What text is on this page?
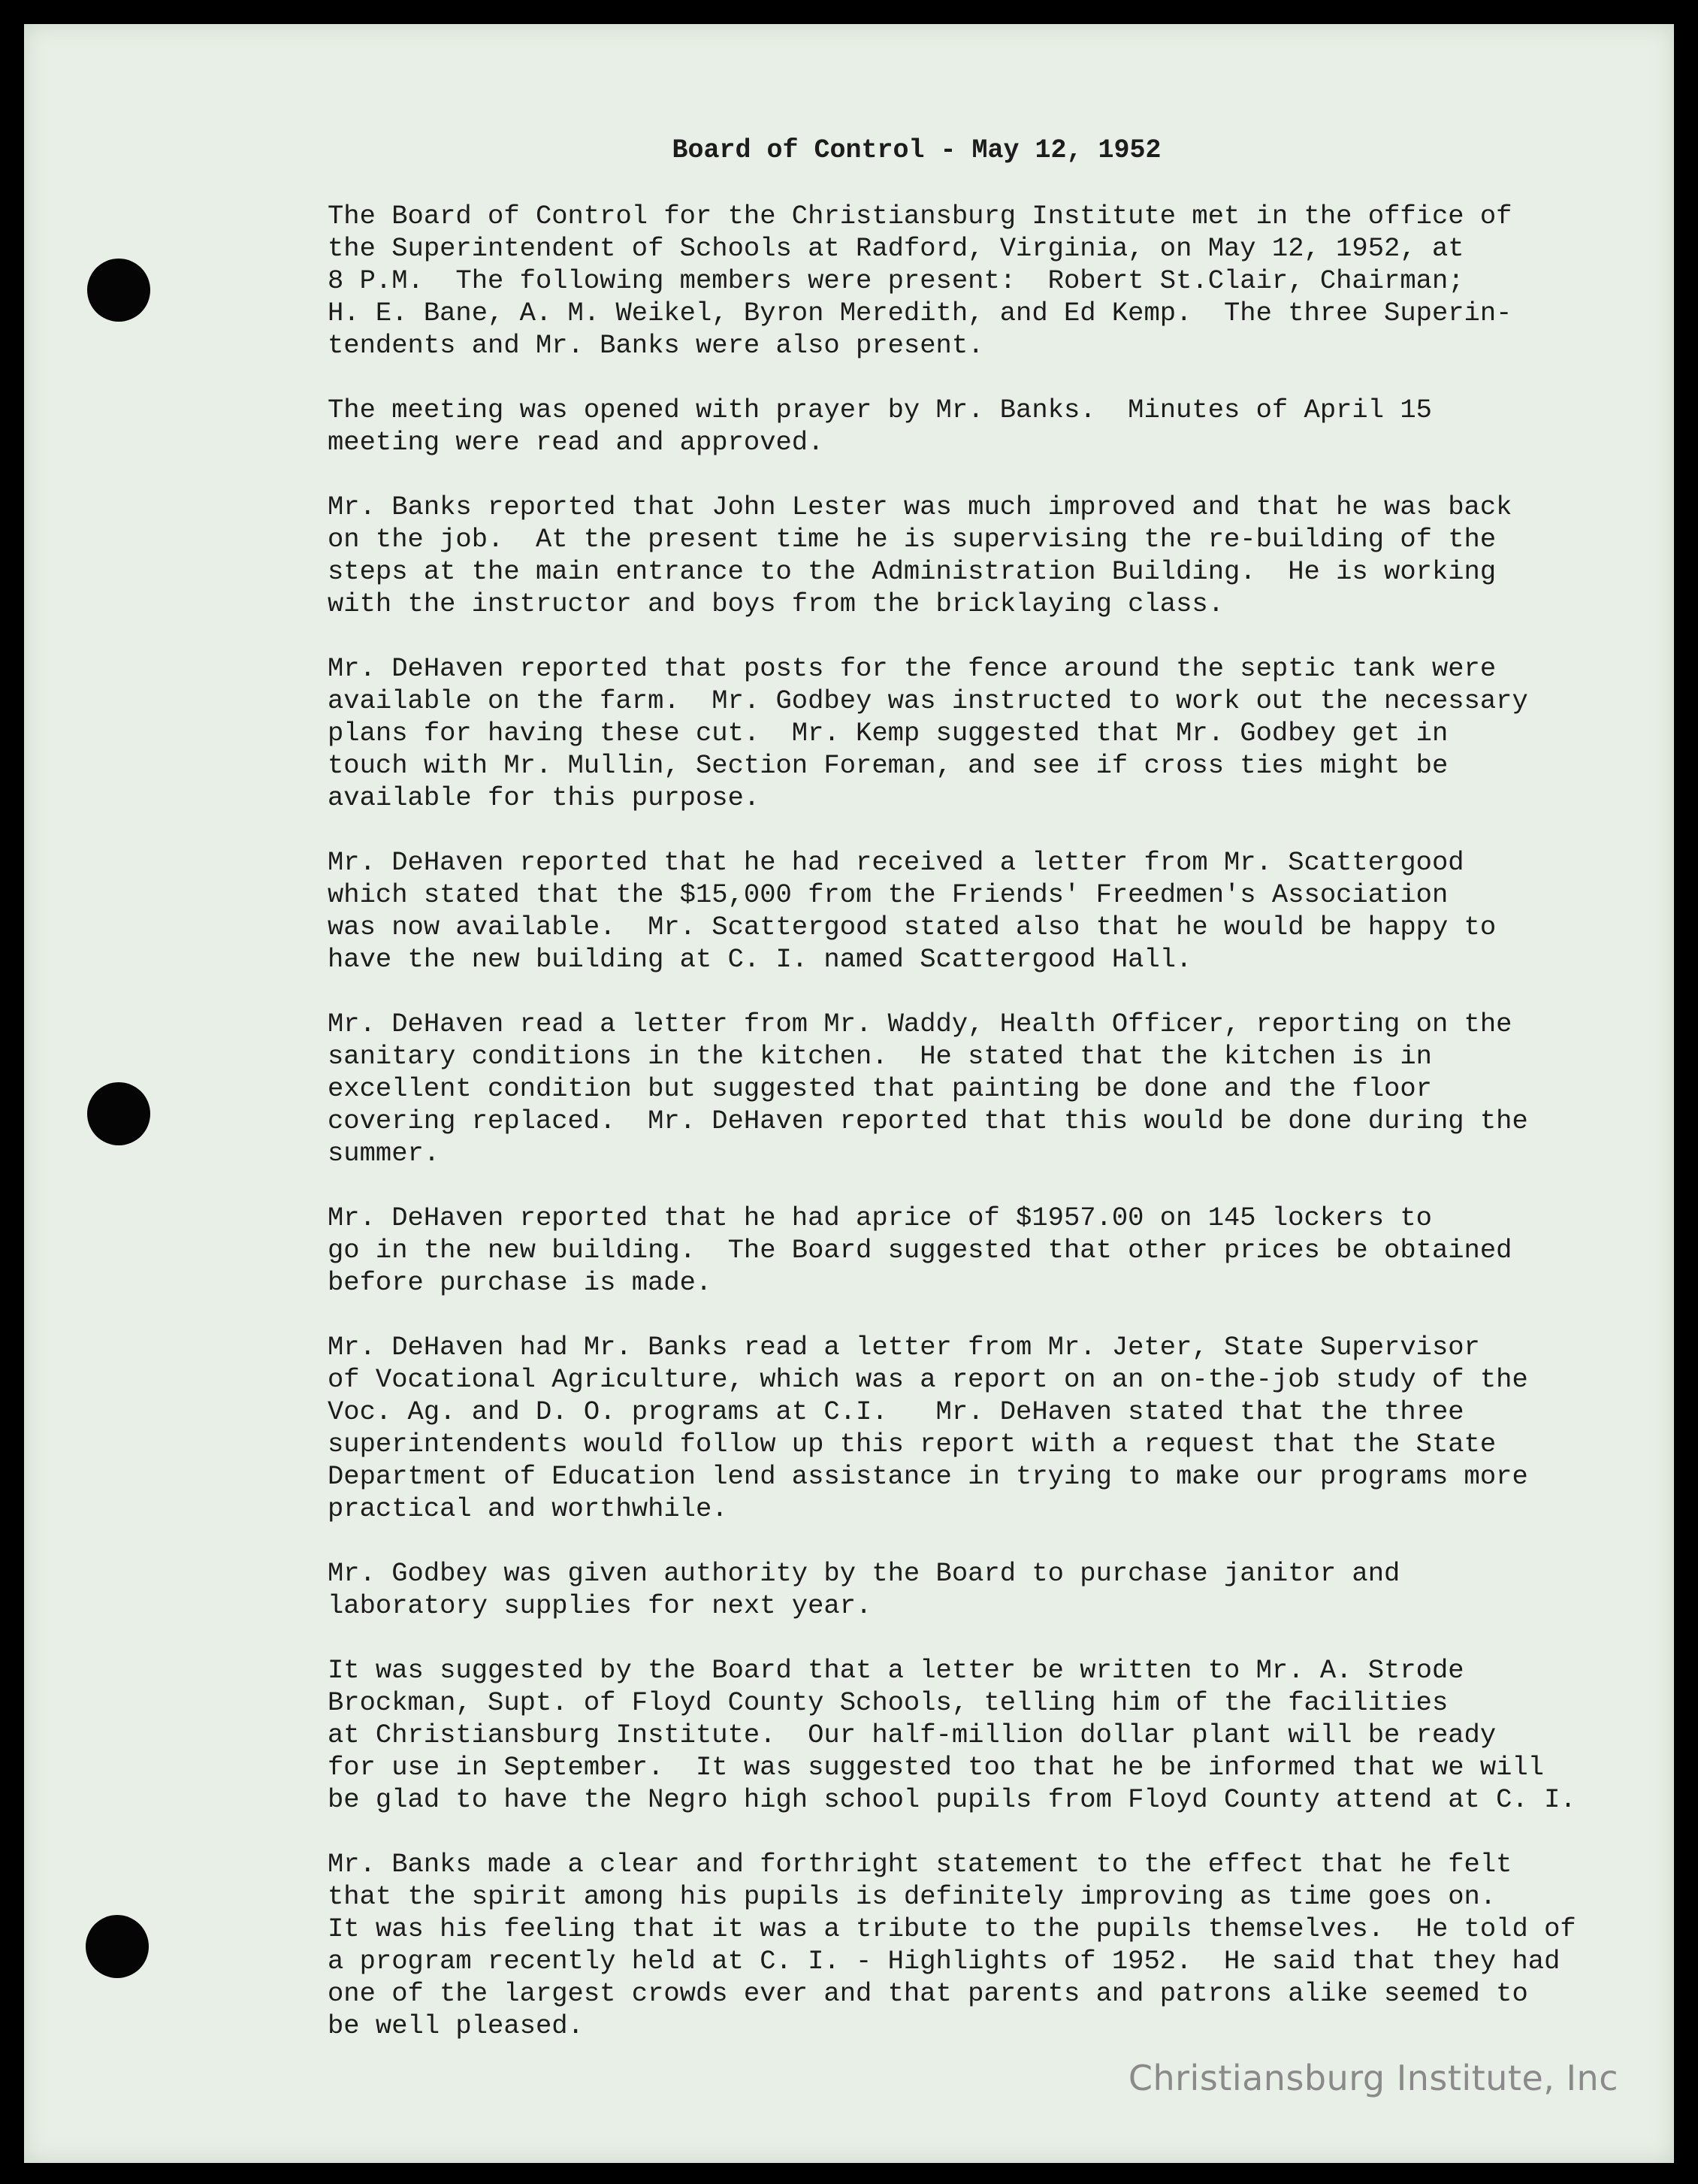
Board of Control - May 12, 1952
The Board of Control for the Christiansburg Institute met in the office of
the Superintendent of Schools at Radford, Virginia, on May 12, 1952, at
8 P.M.  The following members were present:  Robert St.Clair, Chairman;
H. E. Bane, A. M. Weikel, Byron Meredith, and Ed Kemp.  The three Superin-
tendents and Mr. Banks were also present.
The meeting was opened with prayer by Mr. Banks.  Minutes of April 15
meeting were read and approved.
Mr. Banks reported that John Lester was much improved and that he was back
on the job.  At the present time he is supervising the re-building of the
steps at the main entrance to the Administration Building.  He is working
with the instructor and boys from the bricklaying class.
Mr. DeHaven reported that posts for the fence around the septic tank were
available on the farm.  Mr. Godbey was instructed to work out the necessary
plans for having these cut.  Mr. Kemp suggested that Mr. Godbey get in
touch with Mr. Mullin, Section Foreman, and see if cross ties might be
available for this purpose.
Mr. DeHaven reported that he had received a letter from Mr. Scattergood
which stated that the $15,000 from the Friends' Freedmen's Association
was now available.  Mr. Scattergood stated also that he would be happy to
have the new building at C. I. named Scattergood Hall.
Mr. DeHaven read a letter from Mr. Waddy, Health Officer, reporting on the
sanitary conditions in the kitchen.  He stated that the kitchen is in
excellent condition but suggested that painting be done and the floor
covering replaced.  Mr. DeHaven reported that this would be done during the
summer.
Mr. DeHaven reported that he had aprice of $1957.00 on 145 lockers to
go in the new building.  The Board suggested that other prices be obtained
before purchase is made.
Mr. DeHaven had Mr. Banks read a letter from Mr. Jeter, State Supervisor
of Vocational Agriculture, which was a report on an on-the-job study of the
Voc. Ag. and D. O. programs at C.I.   Mr. DeHaven stated that the three
superintendents would follow up this report with a request that the State
Department of Education lend assistance in trying to make our programs more
practical and worthwhile.
Mr. Godbey was given authority by the Board to purchase janitor and
laboratory supplies for next year.
It was suggested by the Board that a letter be written to Mr. A. Strode
Brockman, Supt. of Floyd County Schools, telling him of the facilities
at Christiansburg Institute.  Our half-million dollar plant will be ready
for use in September.  It was suggested too that he be informed that we will
be glad to have the Negro high school pupils from Floyd County attend at C. I.
Mr. Banks made a clear and forthright statement to the effect that he felt
that the spirit among his pupils is definitely improving as time goes on.
It was his feeling that it was a tribute to the pupils themselves.  He told of
a program recently held at C. I. - Highlights of 1952.  He said that they had
one of the largest crowds ever and that parents and patrons alike seemed to
be well pleased.
Christiansburg Institute, Inc
